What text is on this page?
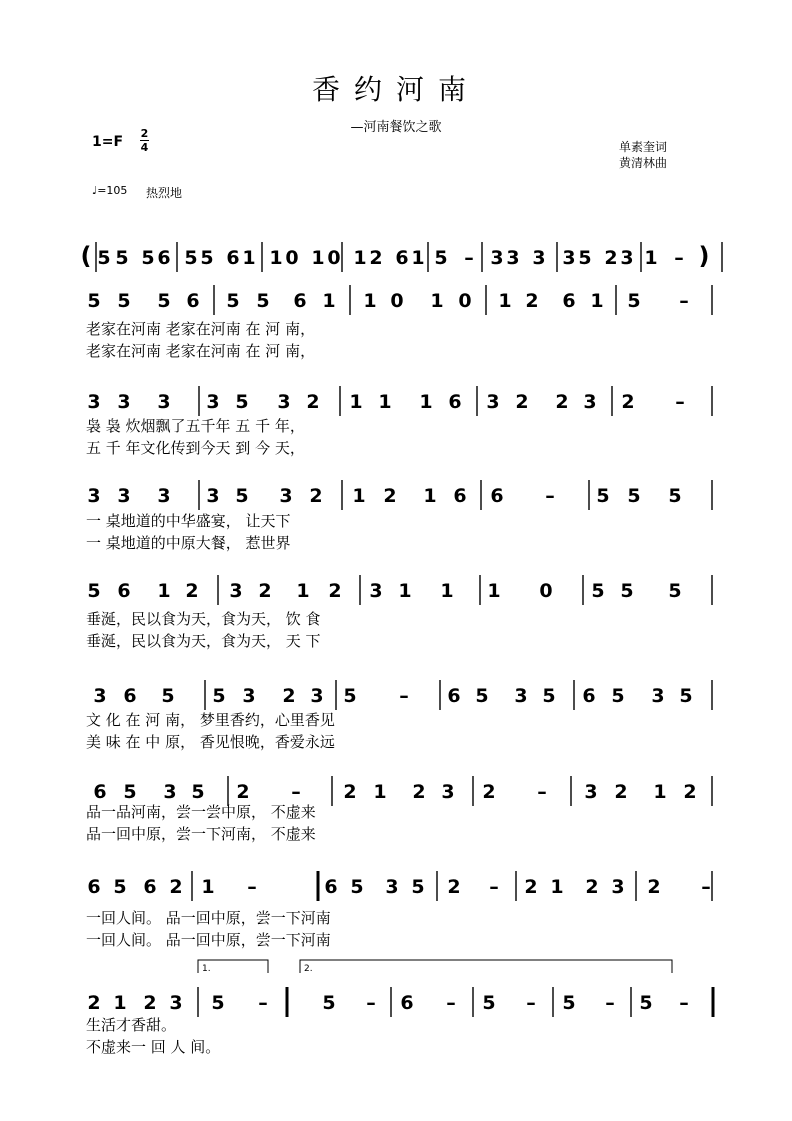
香约河南
—河南餐饮之歌
1=F
2
4	单素奎词
黄清林曲
♩=105 热烈地
( 5 5 5 6 5 5 6 1 1 0 1 0 1 2 6 1 5 – 3 3 3 3 5 2 3 1 – )
5 5 5 6 5 5 6 1 1 0 1 0 1 2 6 1 5 –
老家在河南 老家在河南 在 河 南，
老家在河南 老家在河南 在 河 南，
3 3 3 3 5 3 2 1 1 1 6 3 2 2 3 2 –
袅 袅 炊烟飘了五千年 五 千 年，
五 千 年文化传到今天 到 今 天，
3 3 3 3 5 3 2 1 2 1 6 6 – 5 5 5
一 桌地道的中华盛宴， 让天下
一 桌地道的中原大餐， 惹世界
5 6 1 2 3 2 1 2 3 1 1 1 0 5 5 5
垂涎，民以食为天，食为天， 饮 食
垂涎，民以食为天，食为天， 天 下
3 6 5 5 3 2 3 5 – 6 5 3 5 6 5 3 5
文 化 在 河 南， 梦里香约，心里香见
美 味 在 中 原， 香见恨晚，香爱永远
6 5 3 5 2 – 2 1 2 3 2 – 3 2 1 2
品一品河南，尝一尝中原， 不虚来
品一回中原，尝一下河南， 不虚来
6 5 6 2 1 –	6 5 3 5 2 – 2 1 2 3 2 –
一回人间。 品一回中原，尝一下河南
一回人间。 品一回中原，尝一下河南
2 1 2 3 5 –	5 – 6 – 5 – 5 – 5 –
生活才香甜。
不虚来一 回 人 间。
1.	2.
